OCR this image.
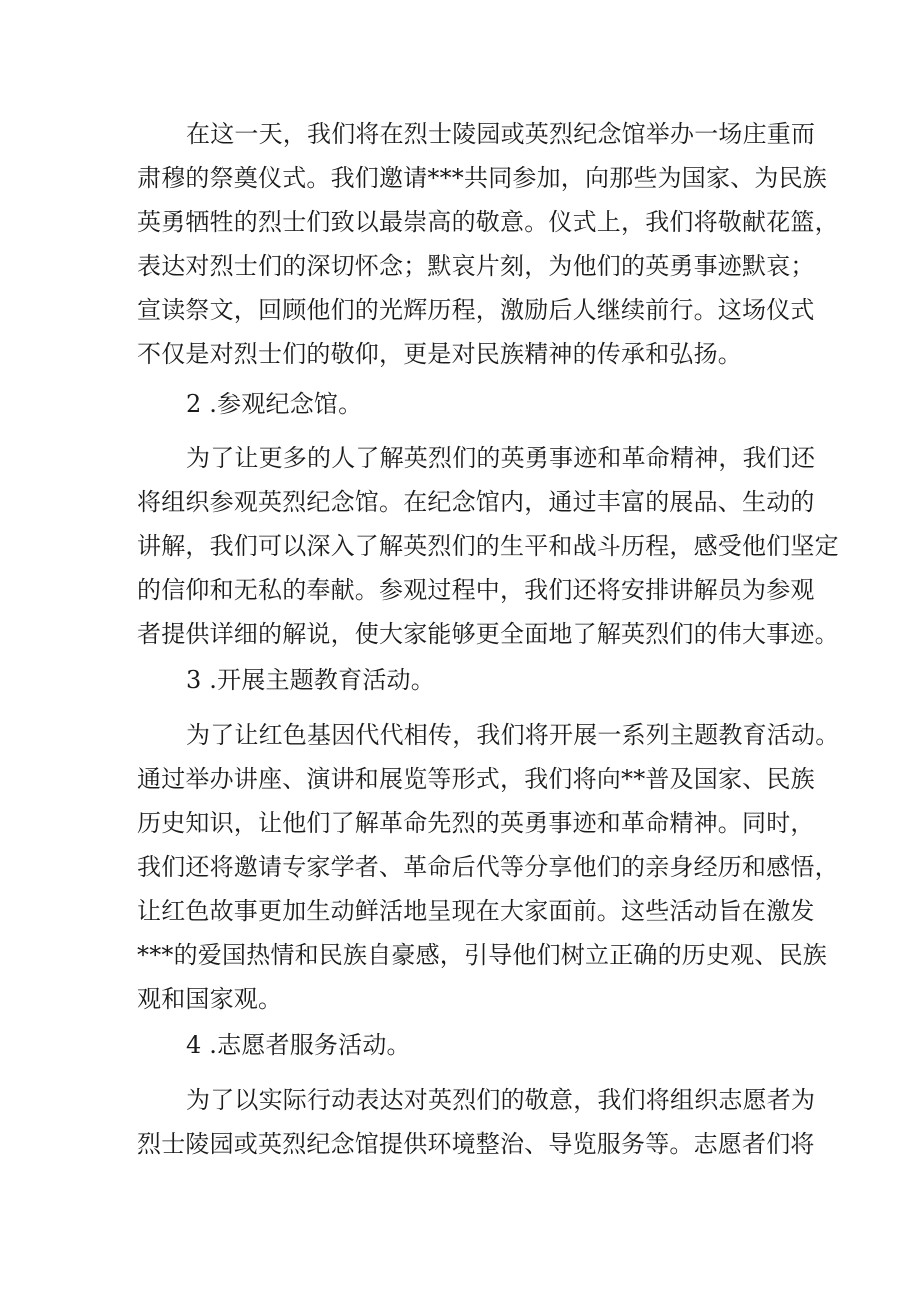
在这一天，我们将在烈士陵园或英烈纪念馆举办一场庄重而
肃穆的祭奠仪式。我们邀请***共同参加，向那些为国家、为民族
英勇牺牲的烈士们致以最崇高的敬意。仪式上，我们将敬献花篮，
表达对烈士们的深切怀念；默哀片刻，为他们的英勇事迹默哀；
宣读祭文，回顾他们的光辉历程，激励后人继续前行。这场仪式
不仅是对烈士们的敬仰，更是对民族精神的传承和弘扬。
2 .参观纪念馆。
为了让更多的人了解英烈们的英勇事迹和革命精神，我们还
将组织参观英烈纪念馆。在纪念馆内，通过丰富的展品、生动的
讲解，我们可以深入了解英烈们的生平和战斗历程，感受他们坚定
的信仰和无私的奉献。参观过程中，我们还将安排讲解员为参观
者提供详细的解说，使大家能够更全面地了解英烈们的伟大事迹。
3 .开展主题教育活动。
为了让红色基因代代相传，我们将开展一系列主题教育活动。
通过举办讲座、演讲和展览等形式，我们将向**普及国家、民族
历史知识，让他们了解革命先烈的英勇事迹和革命精神。同时，
我们还将邀请专家学者、革命后代等分享他们的亲身经历和感悟，
让红色故事更加生动鲜活地呈现在大家面前。这些活动旨在激发
***的爱国热情和民族自豪感，引导他们树立正确的历史观、民族
观和国家观。
4 .志愿者服务活动。
为了以实际行动表达对英烈们的敬意，我们将组织志愿者为
烈士陵园或英烈纪念馆提供环境整治、导览服务等。志愿者们将
